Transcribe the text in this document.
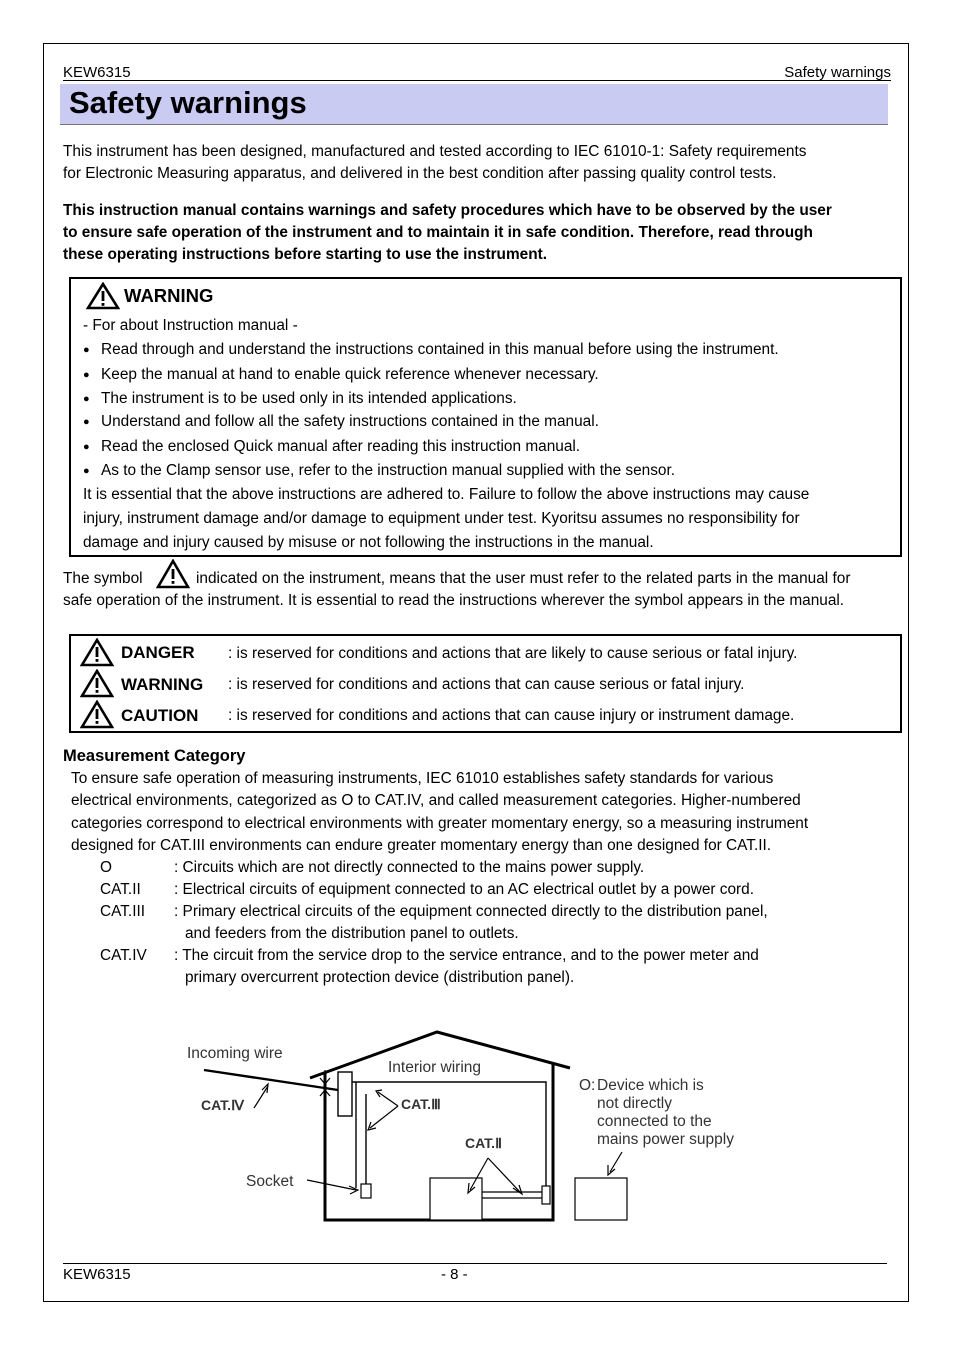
KEW6315	Safety warnings
Safety warnings
This instrument has been designed, manufactured and tested according to IEC 61010-1: Safety requirements
for Electronic Measuring apparatus, and delivered in the best condition after passing quality control tests.
This instruction manual contains warnings and safety procedures which have to be observed by the user
to ensure safe operation of the instrument and to maintain it in safe condition. Therefore, read through
these operating instructions before starting to use the instrument.
WARNING
- For about Instruction manual -
● Read through and understand the instructions contained in this manual before using the instrument.
● Keep the manual at hand to enable quick reference whenever necessary.
● The instrument is to be used only in its intended applications.
● Understand and follow all the safety instructions contained in the manual.
● Read the enclosed Quick manual after reading this instruction manual.
● As to the Clamp sensor use, refer to the instruction manual supplied with the sensor.
It is essential that the above instructions are adhered to. Failure to follow the above instructions may cause
injury, instrument damage and/or damage to equipment under test. Kyoritsu assumes no responsibility for
damage and injury caused by misuse or not following the instructions in the manual.
The symbol	indicated on the instrument, means that the user must refer to the related parts in the manual for
safe operation of the instrument. It is essential to read the instructions wherever the symbol appears in the manual.
DANGER : is reserved for conditions and actions that are likely to cause serious or fatal injury.
WARNING : is reserved for conditions and actions that can cause serious or fatal injury.
CAUTION : is reserved for conditions and actions that can cause injury or instrument damage.
Measurement Category
To ensure safe operation of measuring instruments, IEC 61010 establishes safety standards for various
electrical environments, categorized as O to CAT.IV, and called measurement categories. Higher-numbered
categories correspond to electrical environments with greater momentary energy, so a measuring instrument
designed for CAT.III environments can endure greater momentary energy than one designed for CAT.II.
O	: Circuits which are not directly connected to the mains power supply.
CAT.II : Electrical circuits of equipment connected to an AC electrical outlet by a power cord.
CAT.III : Primary electrical circuits of the equipment connected directly to the distribution panel,
and feeders from the distribution panel to outlets.
CAT.IV : The circuit from the service drop to the service entrance, and to the power meter and
primary overcurrent protection device (distribution panel).
Incoming wire
Interior wiring
CAT.Ⅳ	CAT.Ⅲ
CAT.Ⅱ
Socket
O: Device which is
not directly
connected to the
mains power supply
KEW6315	- 8 -
